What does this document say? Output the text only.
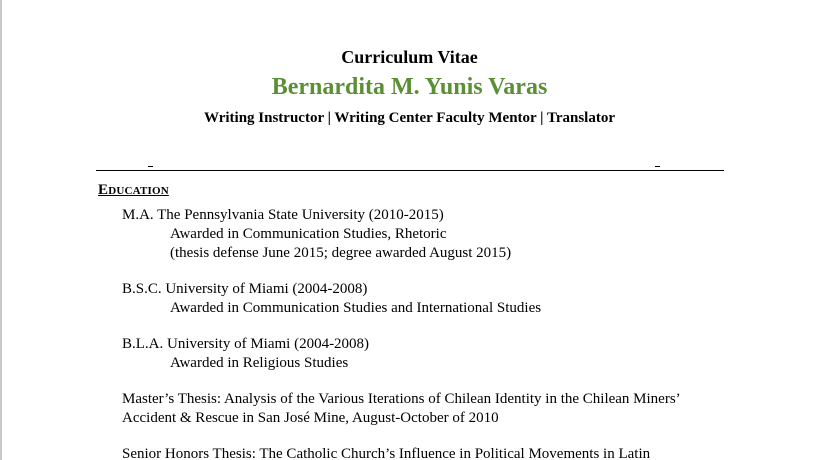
Curriculum Vitae
Bernardita M. Yunis Varas
Writing Instructor | Writing Center Faculty Mentor | Translator
Education
M.A. The Pennsylvania State University (2010-2015)
Awarded in Communication Studies, Rhetoric
(thesis defense June 2015; degree awarded August 2015)
B.S.C. University of Miami (2004-2008)
Awarded in Communication Studies and International Studies
B.L.A. University of Miami (2004-2008)
Awarded in Religious Studies
Master’s Thesis: Analysis of the Various Iterations of Chilean Identity in the Chilean Miners’
Accident & Rescue in San José Mine, August-October of 2010
Senior Honors Thesis: The Catholic Church’s Influence in Political Movements in Latin
